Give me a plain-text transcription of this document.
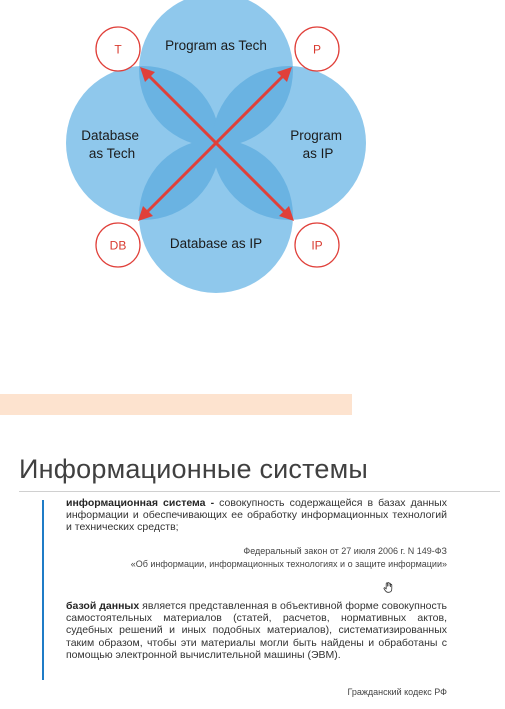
Program as Tech
Database as Tech
Program as IP
Database as IP
T	P
DB	IP
Информационные системы

информационная система - совокупность содержащейся в базах данных информации и обеспечивающих ее обработку информационных технологий и технических средств;

Федеральный закон от 27 июля 2006 г. N 149-ФЗ
«Об информации, информационных технологиях и о защите информации»

базой данных является представленная в объективной форме совокупность самостоятельных материалов (статей, расчетов, нормативных актов, судебных решений и иных подобных материалов), систематизированных таким образом, чтобы эти материалы могли быть найдены и обработаны с помощью электронной вычислительной машины (ЭВМ).

Гражданский кодекс РФ
